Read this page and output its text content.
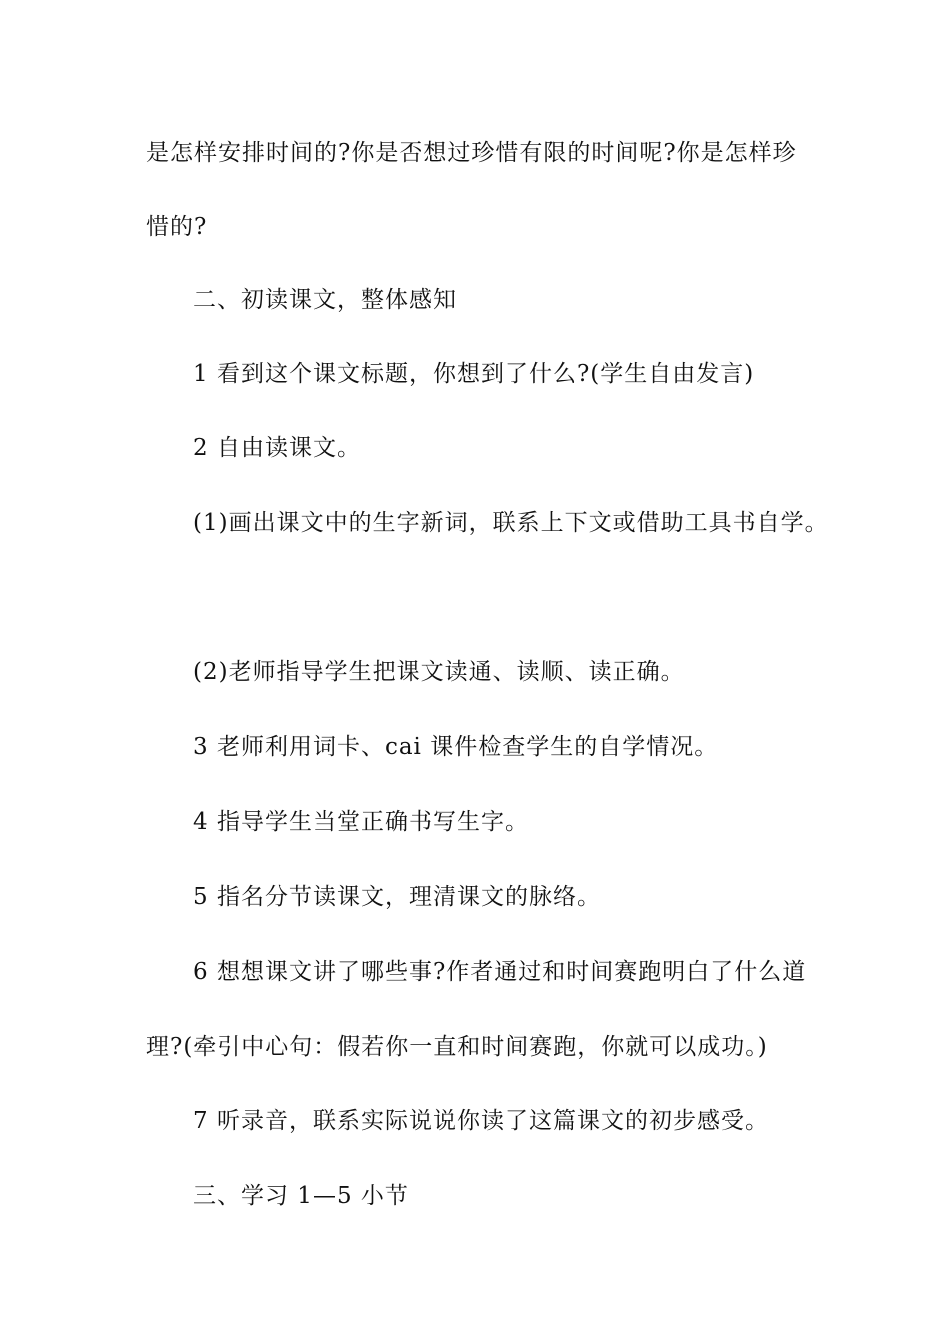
是怎样安排时间的?你是否想过珍惜有限的时间呢?你是怎样珍
惜的?
二、初读课文，整体感知
1 看到这个课文标题，你想到了什么?(学生自由发言)
2 自由读课文。
(1)画出课文中的生字新词，联系上下文或借助工具书自学。
(2)老师指导学生把课文读通、读顺、读正确。
3 老师利用词卡、cai 课件检查学生的自学情况。
4 指导学生当堂正确书写生字。
5 指名分节读课文，理清课文的脉络。
6 想想课文讲了哪些事?作者通过和时间赛跑明白了什么道
理?(牵引中心句：假若你一直和时间赛跑，你就可以成功。)
7 听录音，联系实际说说你读了这篇课文的初步感受。
三、学习 1—5 小节
